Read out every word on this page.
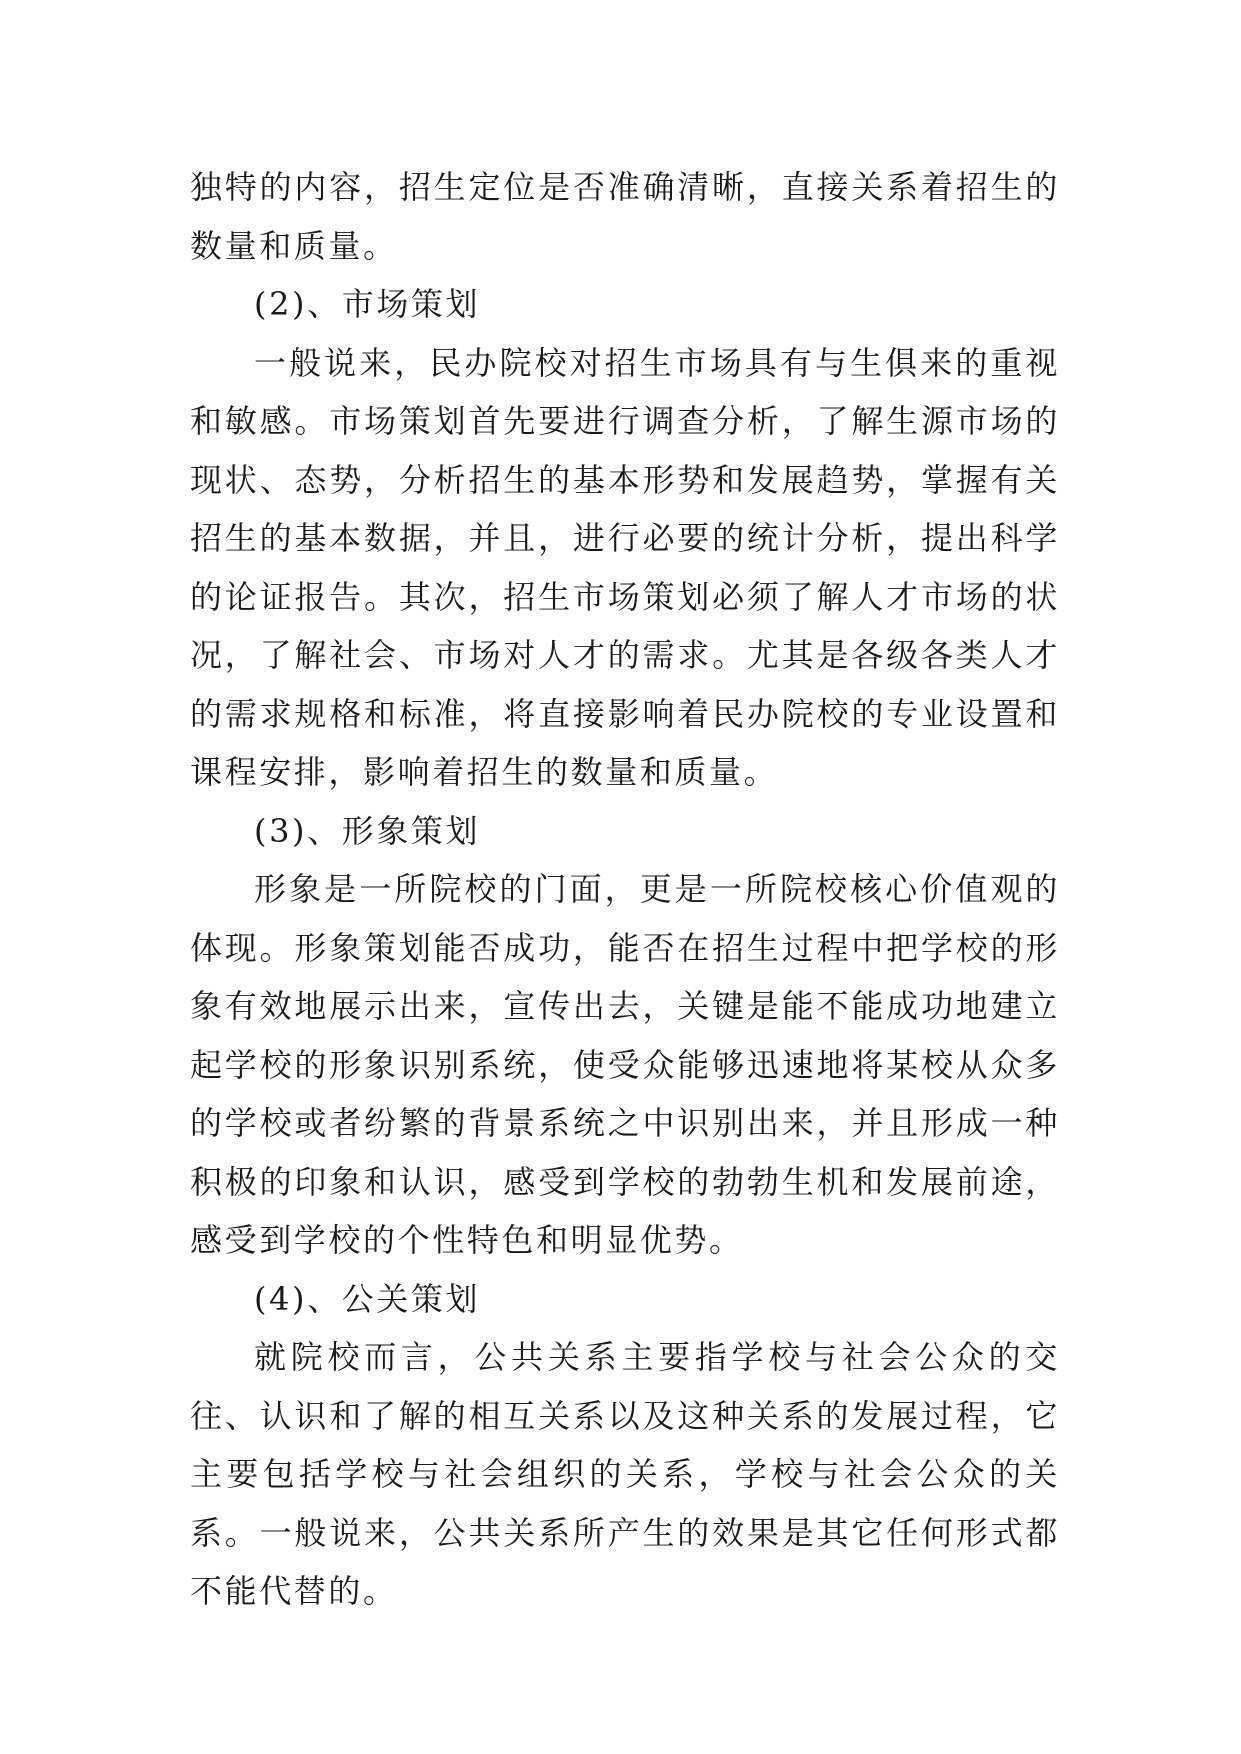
独特的内容，招生定位是否准确清晰，直接关系着招生的数量和质量。

(2)、市场策划

一般说来，民办院校对招生市场具有与生俱来的重视和敏感。市场策划首先要进行调查分析，了解生源市场的现状、态势，分析招生的基本形势和发展趋势，掌握有关招生的基本数据，并且，进行必要的统计分析，提出科学的论证报告。其次，招生市场策划必须了解人才市场的状况，了解社会、市场对人才的需求。尤其是各级各类人才的需求规格和标准，将直接影响着民办院校的专业设置和课程安排，影响着招生的数量和质量。

(3)、形象策划

形象是一所院校的门面，更是一所院校核心价值观的体现。形象策划能否成功，能否在招生过程中把学校的形象有效地展示出来，宣传出去，关键是能不能成功地建立起学校的形象识别系统，使受众能够迅速地将某校从众多的学校或者纷繁的背景系统之中识别出来，并且形成一种积极的印象和认识，感受到学校的勃勃生机和发展前途，感受到学校的个性特色和明显优势。

(4)、公关策划

就院校而言，公共关系主要指学校与社会公众的交往、认识和了解的相互关系以及这种关系的发展过程，它主要包括学校与社会组织的关系，学校与社会公众的关系。一般说来，公共关系所产生的效果是其它任何形式都不能代替的。
